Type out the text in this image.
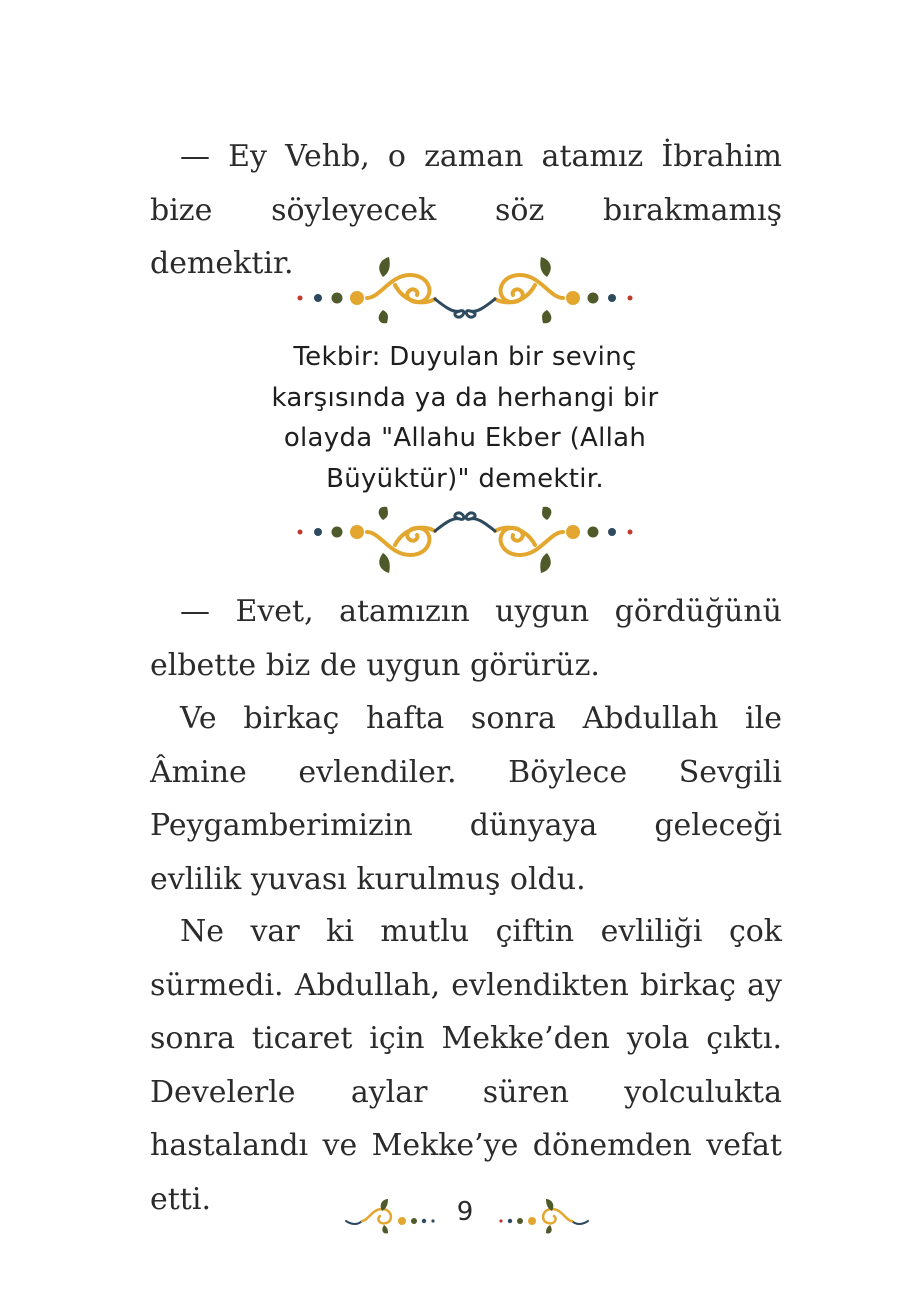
— Ey Vehb, o zaman atamız İbrahim bize söyleyecek söz bırakmamış demektir.

Tekbir: Duyulan bir sevinç
karşısında ya da herhangi bir
olayda "Allahu Ekber (Allah
Büyüktür)" demektir.

— Evet, atamızın uygun gördüğünü elbette biz de uygun görürüz.

Ve birkaç hafta sonra Abdullah ile Âmine evlendiler. Böylece Sevgili Peygamberimizin dünyaya geleceği evlilik yuvası kurulmuş oldu.

Ne var ki mutlu çiftin evliliği çok sürmedi. Abdullah, evlendikten birkaç ay sonra ticaret için Mekke’den yola çıktı. Develerle aylar süren yolculukta hastalandı ve Mekke’ye dönemden vefat etti.	9
